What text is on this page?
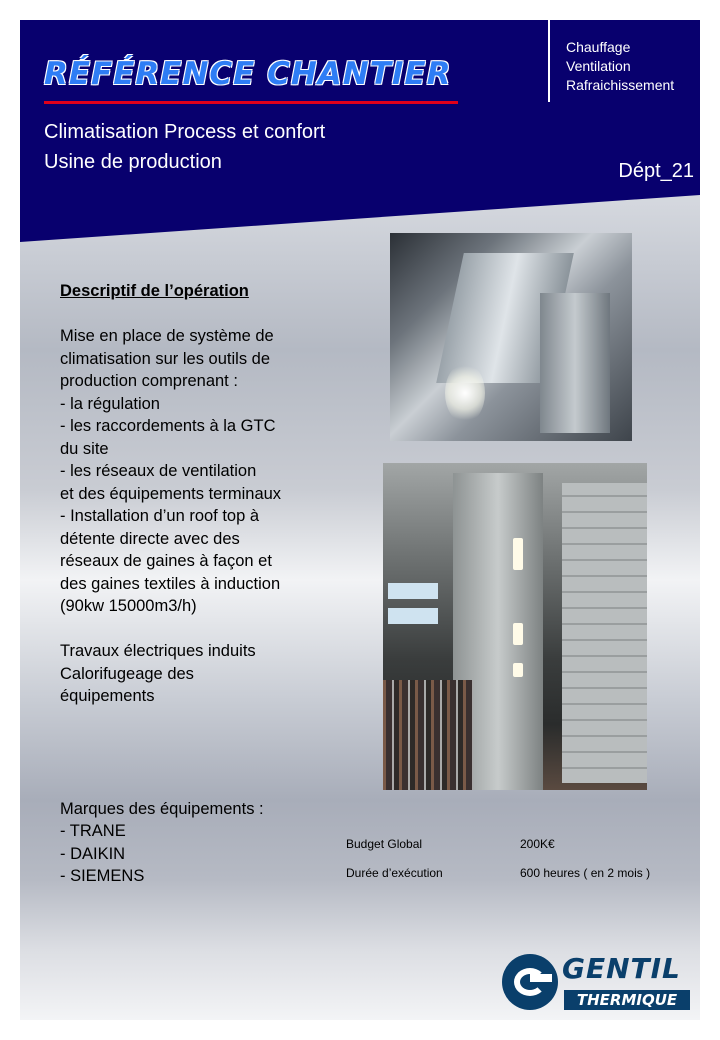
RÉFÉRENCE CHANTIER
Climatisation Process et confort
Usine de production
Chauffage
Ventilation
Rafraichissement
Dépt_21
Descriptif de l’opération
Mise en place de système de
climatisation sur les outils de
production comprenant :
- la régulation
- les raccordements à la GTC
du site
- les réseaux de ventilation
et des équipements terminaux
- Installation d’un roof top à
détente directe avec des
réseaux de gaines à façon et
des gaines textiles à induction
(90kw 15000m3/h)
Travaux électriques induits
Calorifugeage des
équipements
Marques des équipements :
- TRANE
- DAIKIN
- SIEMENS
Budget Global	200K€
Durée d’exécution	600 heures ( en 2 mois )
GENTIL
THERMIQUE
